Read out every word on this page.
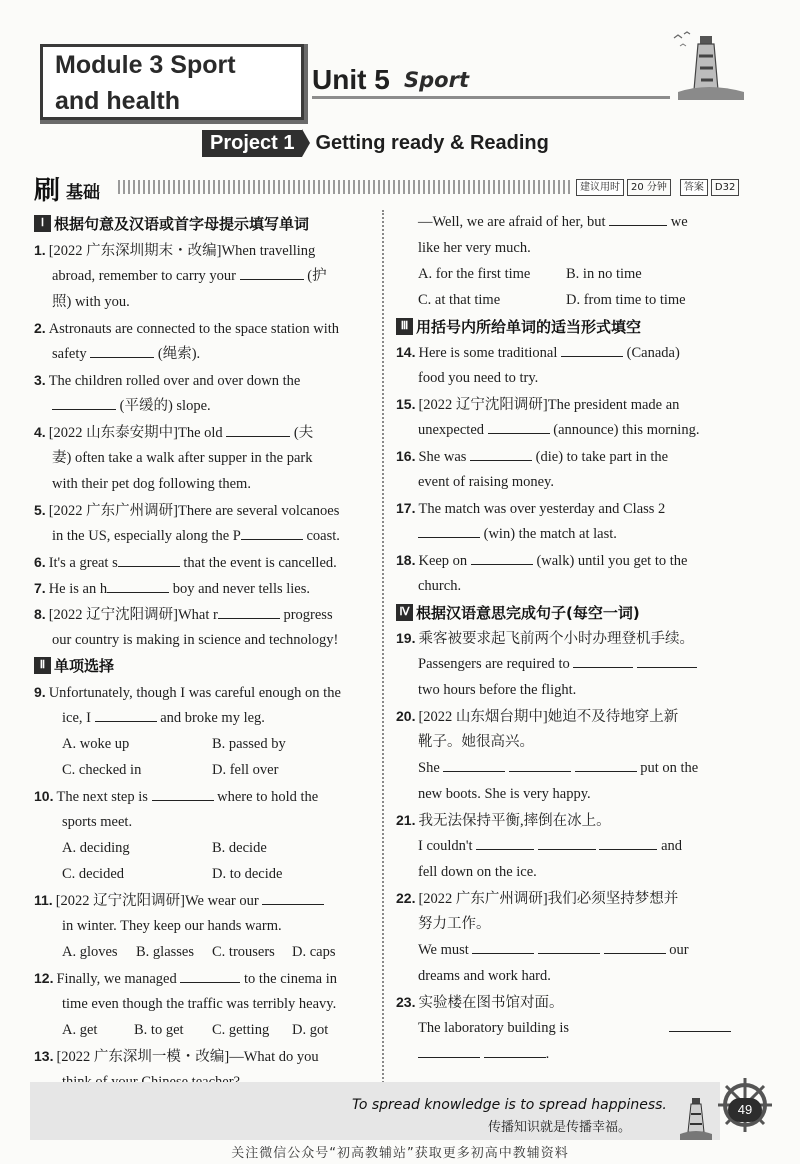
Module 3 Sport
and health
Unit 5 Sport
Project 1	Getting ready & Reading
刷 基础	建议用时	20 分钟	答案	D32
Ⅰ 根据句意及汉语或首字母提示填写单词
1. [2022 广东深圳期末・改编]When travelling
abroad, remember to carry your	(护
照) with you.
2. Astronauts are connected to the space station with
safety	(绳索).
3. The children rolled over and over down the
(平缓的) slope.
4. [2022 山东泰安期中]The old	(夫
妻) often take a walk after supper in the park
with their pet dog following them.
5. [2022 广东广州调研]There are several volcanoes
in the US, especially along the P	coast.
6. It's a great s	that the event is cancelled.
7. He is an h	boy and never tells lies.
8. [2022 辽宁沈阳调研]What r	progress
our country is making in science and technology!
Ⅱ 单项选择
9. Unfortunately, though I was careful enough on the
ice, I	and broke my leg.
A. woke up	B. passed by
C. checked in	D. fell over
10. The next step is	where to hold the
sports meet.
A. deciding	B. decide
C. decided	D. to decide
11. [2022 辽宁沈阳调研]We wear our
in winter. They keep our hands warm.
A. gloves B. glasses C. trousers D. caps
12. Finally, we managed	to the cinema in
time even though the traffic was terribly heavy.
A. get	B. to get C. getting D. got
13. [2022 广东深圳一模・改编]—What do you
—Well, we are afraid of her, but	we
like her very much.
A. for the first time B. in no time
C. at that time	D. from time to time
Ⅲ 用括号内所给单词的适当形式填空
14. Here is some traditional	(Canada)
food you need to try.
15. [2022 辽宁沈阳调研]The president made an
unexpected	(announce) this morning.
16. She was	(die) to take part in the
event of raising money.
17. The match was over yesterday and Class 2
(win) the match at last.
18. Keep on	(walk) until you get to the
church.
Ⅳ 根据汉语意思完成句子(每空一词)
19. 乘客被要求起飞前两个小时办理登机手续。
Passengers are required to
two hours before the flight.
20. [2022 山东烟台期中]她迫不及待地穿上新
靴子。她很高兴。
She	put on the
new boots. She is very happy.
21. 我无法保持平衡,摔倒在冰上。
I couldn't	and
fell down on the ice.
22. [2022 广东广州调研]我们必须坚持梦想并
努力工作。
We must	our
dreams and work hard.
23. 实验楼在图书馆对面。
The laboratory building is
.
To spread knowledge is to spread happiness.
传播知识就是传播幸福。
49
关注微信公众号“初高教辅站”获取更多初高中教辅资料
